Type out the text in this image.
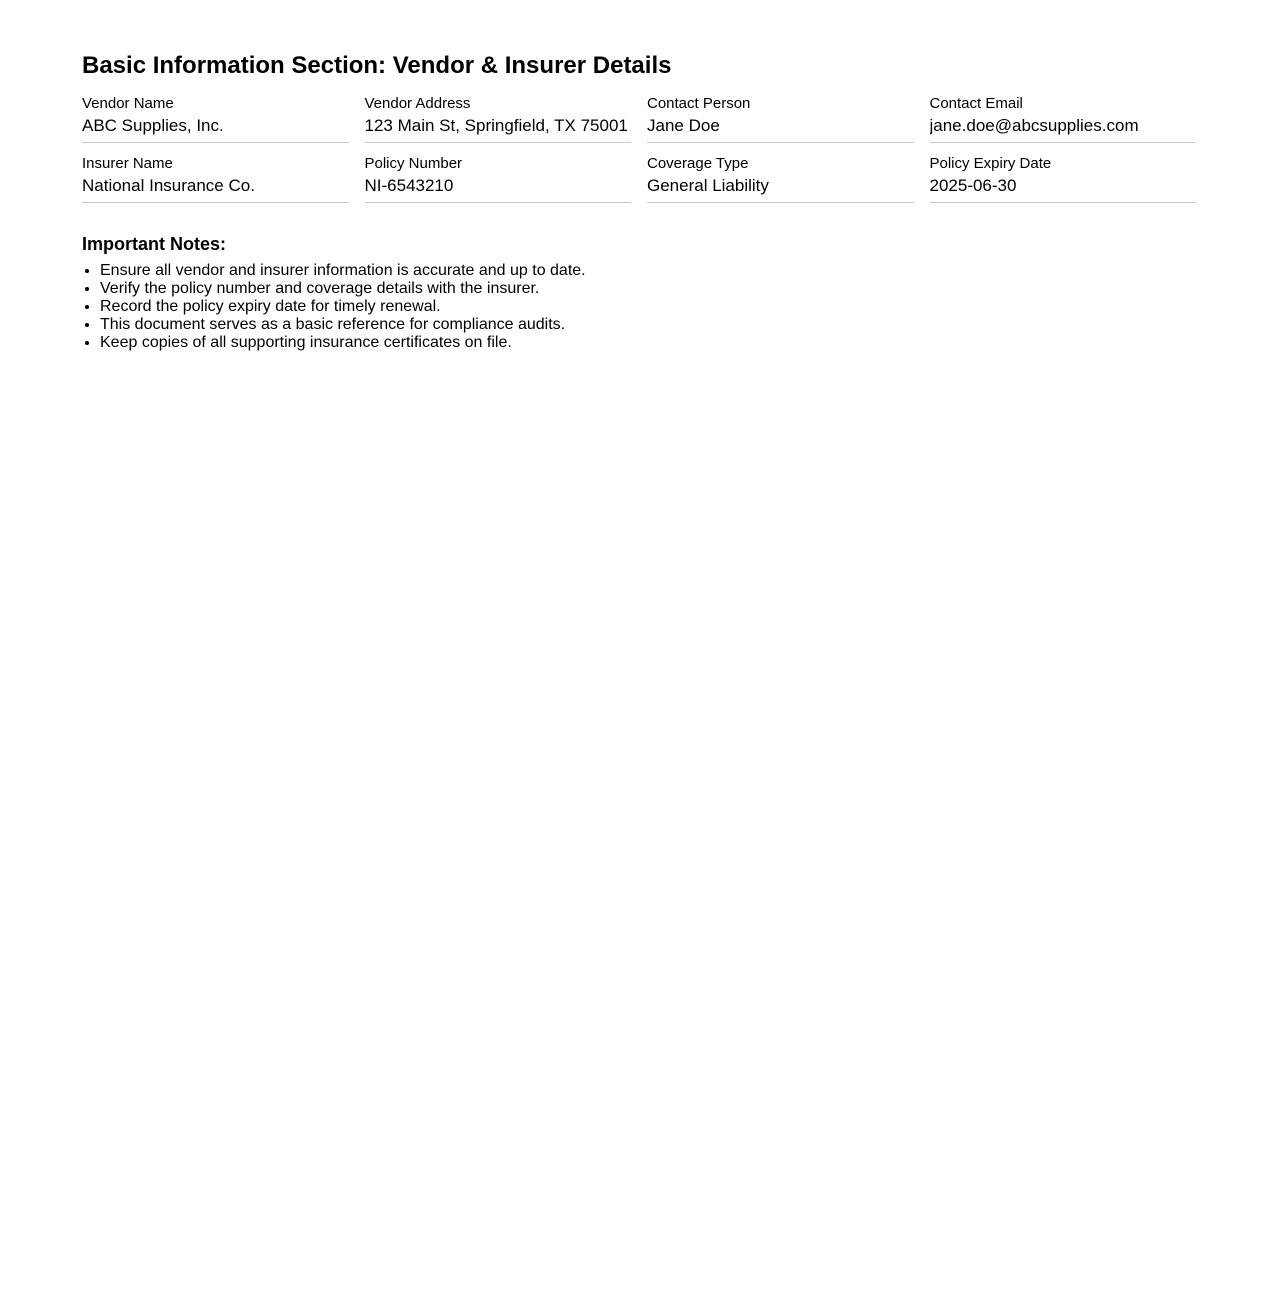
Basic Information Section: Vendor & Insurer Details
Vendor Name
ABC Supplies, Inc.
Vendor Address
123 Main St, Springfield, TX 75001
Contact Person
Jane Doe
Contact Email
jane.doe@abcsupplies.com
Insurer Name
National Insurance Co.
Policy Number
NI-6543210
Coverage Type
General Liability
Policy Expiry Date
2025-06-30
Important Notes:
• Ensure all vendor and insurer information is accurate and up to date.
• Verify the policy number and coverage details with the insurer.
• Record the policy expiry date for timely renewal.
• This document serves as a basic reference for compliance audits.
• Keep copies of all supporting insurance certificates on file.
